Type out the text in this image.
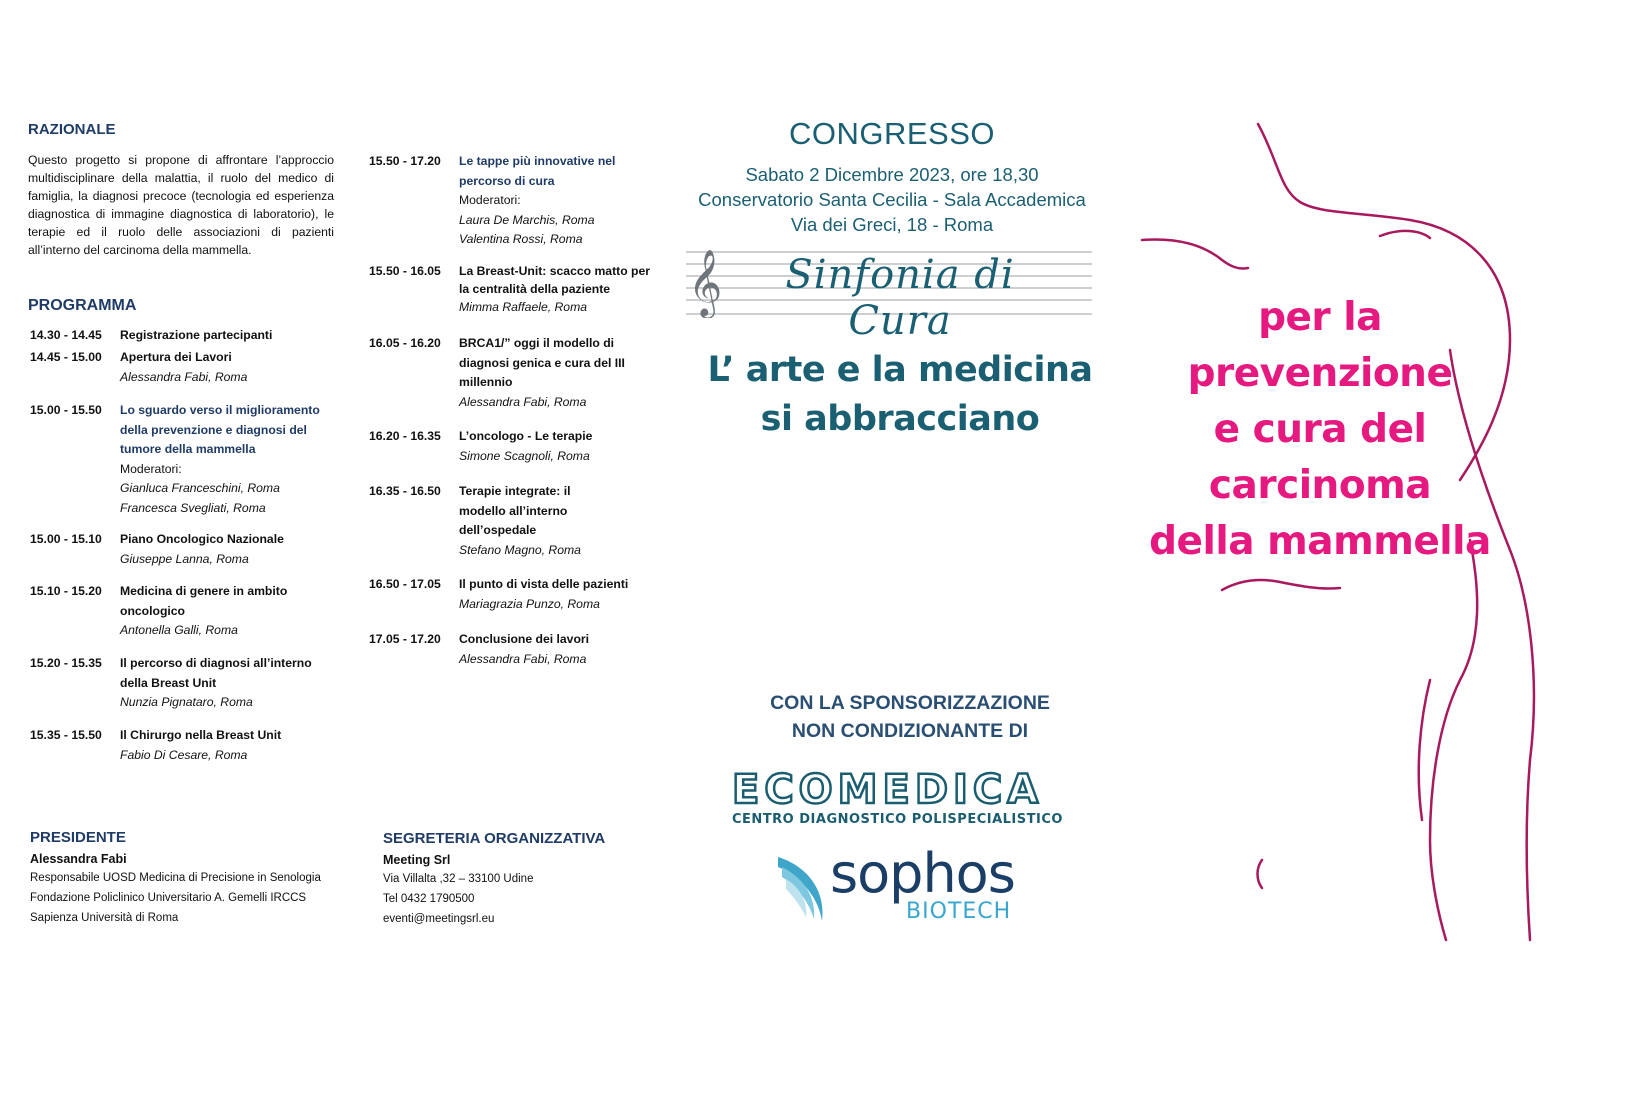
RAZIONALE
Questo progetto si propone di affrontare l’approccio multidisciplinare della malattia, il ruolo del medico di famiglia, la diagnosi precoce (tecnologia ed esperienza diagnostica di immagine diagnostica di laboratorio), le terapie ed il ruolo delle associazioni di pazienti all’interno del carcinoma della mammella.
PROGRAMMA
14.30 - 14.45	Registrazione partecipanti
14.45 - 15.00	Apertura dei Lavori
Alessandra Fabi, Roma
15.00 - 15.50	Lo sguardo verso il miglioramento della prevenzione e diagnosi del tumore della mammella
Moderatori:
Gianluca Franceschini, Roma
Francesca Svegliati, Roma
15.00 - 15.10	Piano Oncologico Nazionale
Giuseppe Lanna, Roma
15.10 - 15.20	Medicina di genere in ambito oncologico
Antonella Galli, Roma
15.20 - 15.35	Il percorso di diagnosi all’interno della Breast Unit
Nunzia Pignataro, Roma
15.35 - 15.50	Il Chirurgo nella Breast Unit
Fabio Di Cesare, Roma
15.50 - 17.20	Le tappe più innovative nel percorso di cura
Moderatori:
Laura De Marchis, Roma
Valentina Rossi, Roma
15.50 - 16.05	La Breast-Unit: scacco matto per la centralità della paziente
Mimma Raffaele, Roma
16.05 - 16.20	BRCA1/” oggi il modello di diagnosi genica e cura del III millennio
Alessandra Fabi, Roma
16.20 - 16.35	L’oncologo - Le terapie
Simone Scagnoli, Roma
16.35 - 16.50	Terapie integrate: il modello all’interno dell’ospedale
Stefano Magno, Roma
16.50 - 17.05	Il punto di vista delle pazienti
Mariagrazia Punzo, Roma
17.05 - 17.20	Conclusione dei lavori
Alessandra Fabi, Roma
PRESIDENTE
Alessandra Fabi
Responsabile UOSD Medicina di Precisione in Senologia
Fondazione Policlinico Universitario A. Gemelli IRCCS
Sapienza Università di Roma
SEGRETERIA ORGANIZZATIVA
Meeting Srl
Via Villalta ,32 – 33100 Udine
Tel 0432 1790500
eventi@meetingsrl.eu
CONGRESSO
Sabato 2 Dicembre 2023, ore 18,30
Conservatorio Santa Cecilia - Sala Accademica
Via dei Greci, 18 - Roma
𝄞	Sinfonia di Cura
L’ arte e la medicina
si abbracciano
CON LA SPONSORIZZAZIONE
NON CONDIZIONANTE DI
ECOMEDICA
CENTRO DIAGNOSTICO POLISPECIALISTICO
sophos
BIOTECH
per la prevenzione
e cura del
carcinoma
della mammella
